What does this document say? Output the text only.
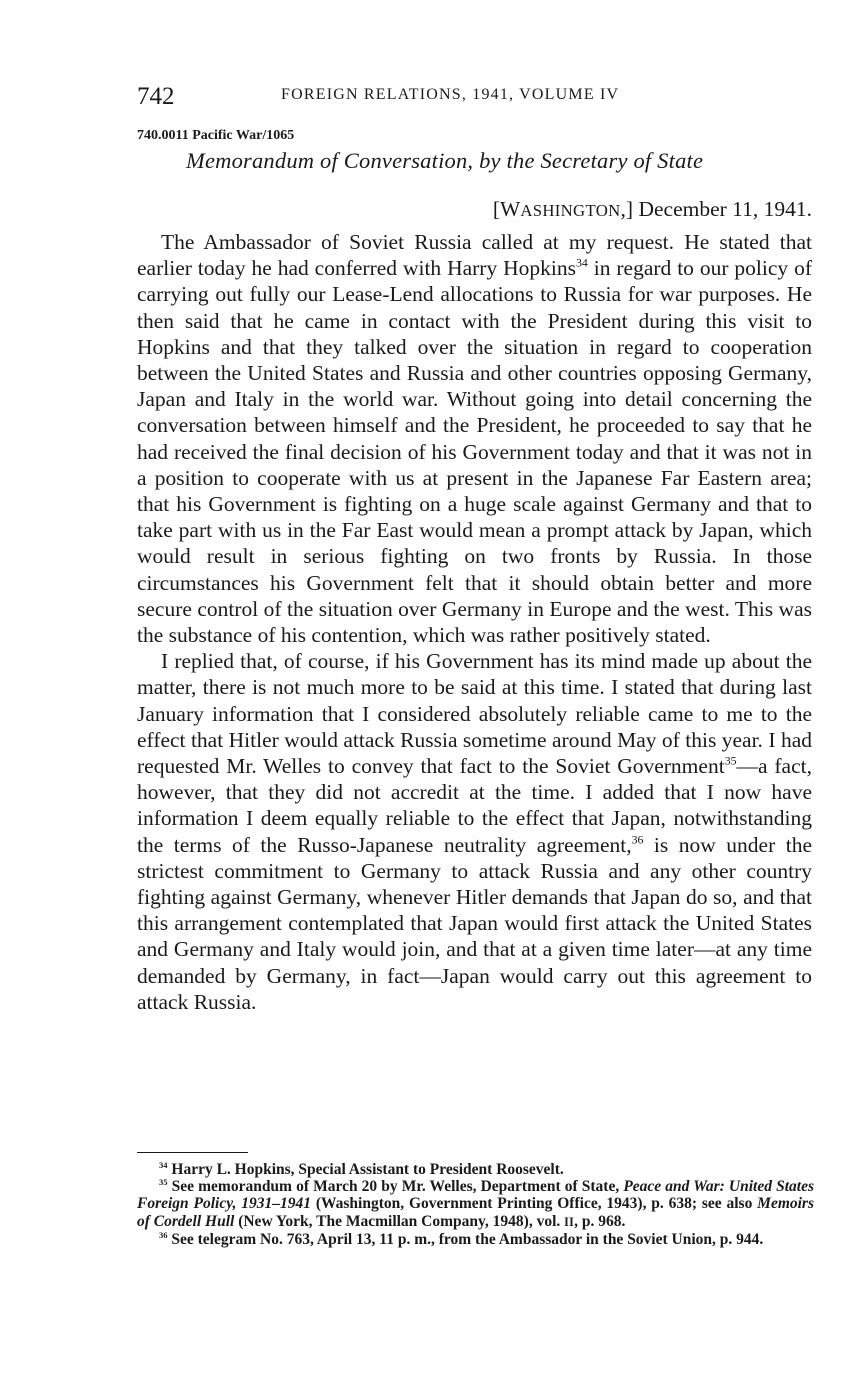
742	FOREIGN RELATIONS, 1941, VOLUME IV
740.0011 Pacific War/1065
Memorandum of Conversation, by the Secretary of State
[WASHINGTON,] December 11, 1941.

The Ambassador of Soviet Russia called at my request. He stated that earlier today he had conferred with Harry Hopkins$^{34}$ in regard to our policy of carrying out fully our Lease-Lend allocations to Russia for war purposes. He then said that he came in contact with the President during this visit to Hopkins and that they talked over the situation in regard to cooperation between the United States and Russia and other countries opposing Germany, Japan and Italy in the world war. Without going into detail concerning the conversation between himself and the President, he proceeded to say that he had received the final decision of his Government today and that it was not in a position to cooperate with us at present in the Japanese Far Eastern area; that his Government is fighting on a huge scale against Germany and that to take part with us in the Far East would mean a prompt attack by Japan, which would result in serious fighting on two fronts by Russia. In those circumstances his Government felt that it should obtain better and more secure control of the situation over Germany in Europe and the west. This was the substance of his contention, which was rather positively stated.

I replied that, of course, if his Government has its mind made up about the matter, there is not much more to be said at this time. I stated that during last January information that I considered absolutely reliable came to me to the effect that Hitler would attack Russia sometime around May of this year. I had requested Mr. Welles to convey that fact to the Soviet Government$^{35}$—a fact, however, that they did not accredit at the time. I added that I now have information I deem equally reliable to the effect that Japan, notwithstanding the terms of the Russo-Japanese neutrality agreement,$^{36}$ is now under the strictest commitment to Germany to attack Russia and any other country fighting against Germany, whenever Hitler demands that Japan do so, and that this arrangement contemplated that Japan would first attack the United States and Germany and Italy would join, and that at a given time later—at any time demanded by Germany, in fact—Japan would carry out this agreement to attack Russia.

$^{34}$ Harry L. Hopkins, Special Assistant to President Roosevelt.

$^{35}$ See memorandum of March 20 by Mr. Welles, Department of State, Peace and War: United States Foreign Policy, 1931–1941 (Washington, Government Printing Office, 1943), p. 638; see also Memoirs of Cordell Hull (New York, The Macmillan Company, 1948), vol. II, p. 968.

$^{36}$ See telegram No. 763, April 13, 11 p. m., from the Ambassador in the Soviet Union, p. 944.
